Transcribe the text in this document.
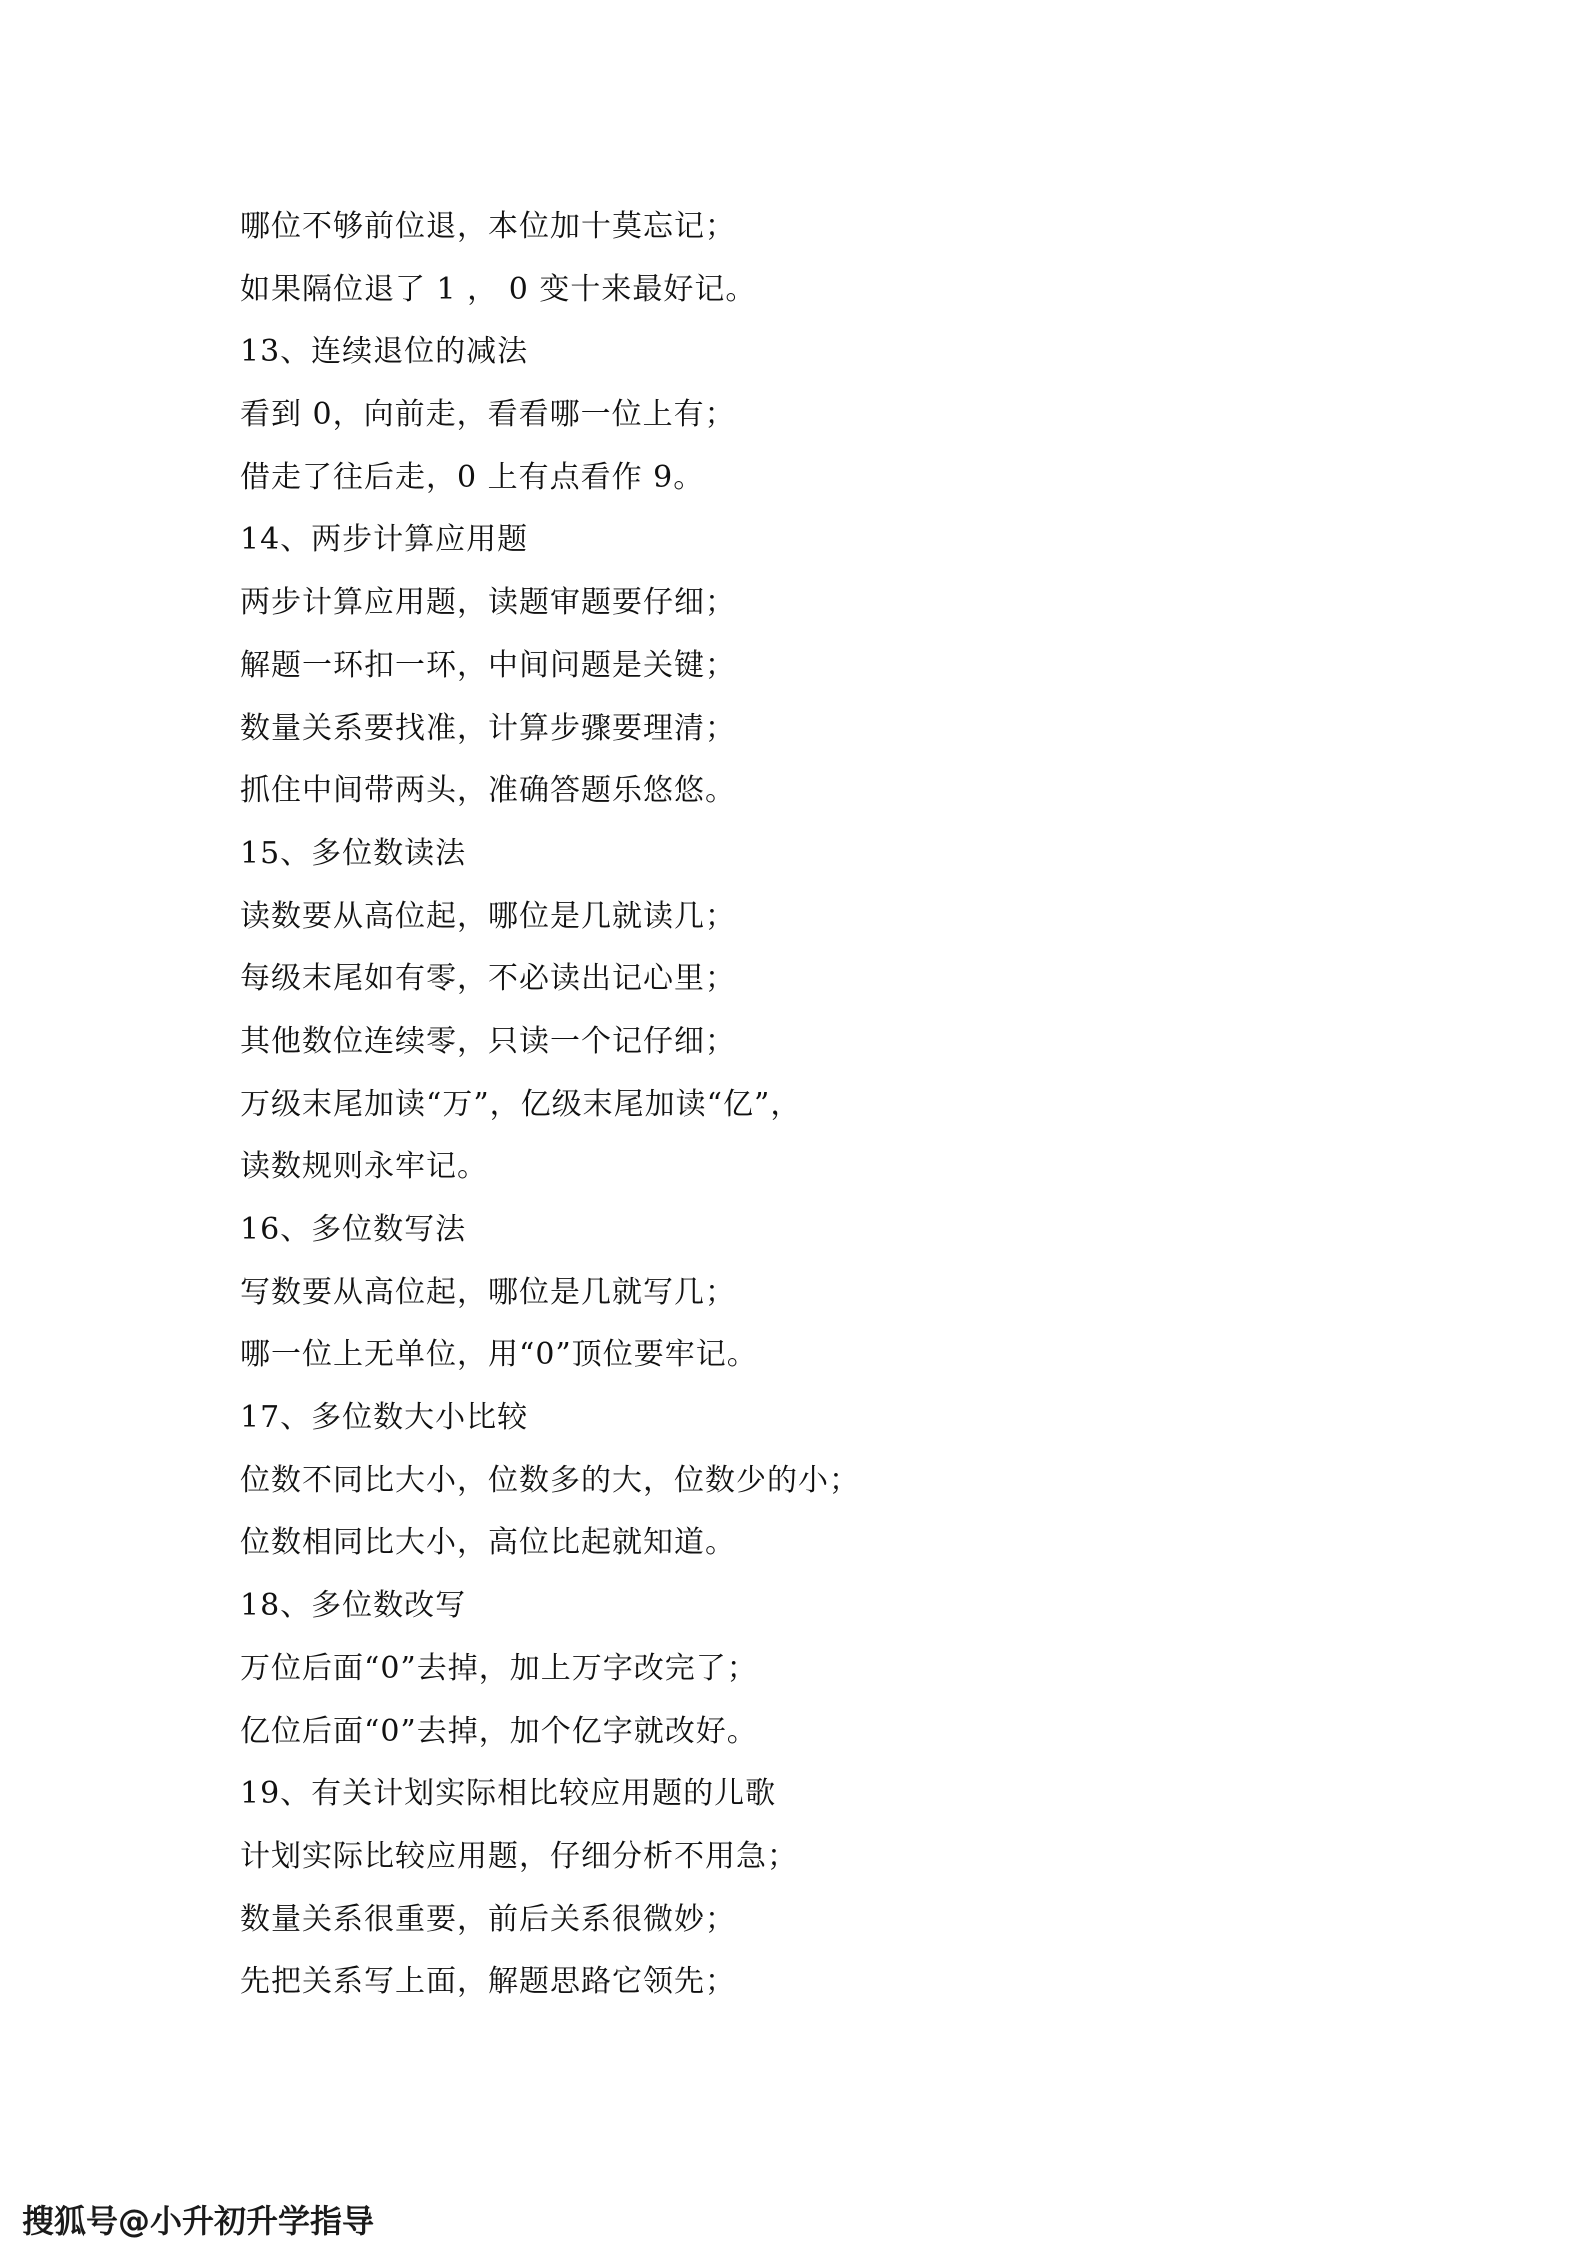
哪位不够前位退，本位加十莫忘记；
如果隔位退了 1 ， 0 变十来最好记。
13、连续退位的减法
看到 0，向前走，看看哪一位上有；
借走了往后走，0 上有点看作 9。
14、两步计算应用题
两步计算应用题，读题审题要仔细；
解题一环扣一环，中间问题是关键；
数量关系要找准，计算步骤要理清；
抓住中间带两头，准确答题乐悠悠。
15、多位数读法
读数要从高位起，哪位是几就读几；
每级末尾如有零，不必读出记心里；
其他数位连续零，只读一个记仔细；
万级末尾加读“万”，亿级末尾加读“亿”，
读数规则永牢记。
16、多位数写法
写数要从高位起，哪位是几就写几；
哪一位上无单位，用“0”顶位要牢记。
17、多位数大小比较
位数不同比大小，位数多的大，位数少的小；
位数相同比大小，高位比起就知道。
18、多位数改写
万位后面“0”去掉，加上万字改完了；
亿位后面“0”去掉，加个亿字就改好。
19、有关计划实际相比较应用题的儿歌
计划实际比较应用题，仔细分析不用急；
数量关系很重要，前后关系很微妙；
先把关系写上面，解题思路它领先；
搜狐号@小升初升学指导
